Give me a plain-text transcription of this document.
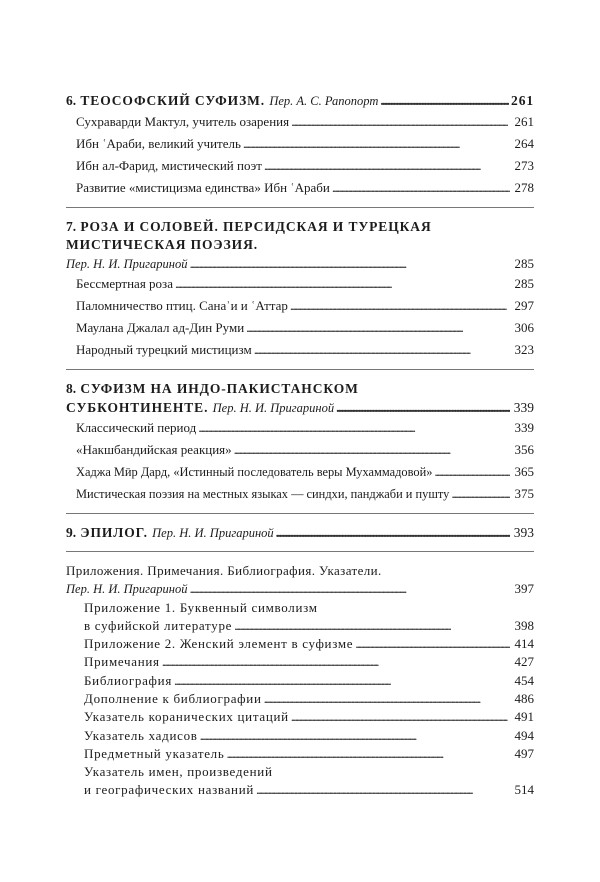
6. ТЕОСОФСКИЙ СУФИЗМ. Пер. А. С. Рапопорт . . .	261
Сухраварди Мактул, учитель озарения . . .	261
Ибн ʿАраби, великий учитель . . .	264
Ибн ал-Фарид, мистический поэт . . .	273
Развитие «мистицизма единства» Ибн ʿАраби . . .	278
7. РОЗА И СОЛОВЕЙ. ПЕРСИДСКАЯ И ТУРЕЦКАЯ
МИСТИЧЕСКАЯ ПОЭЗИЯ.
Пер. Н. И. Пригариной . . .	285
Бессмертная роза . . .	285
Паломничество птиц. Санаʾи и ʿАттар . . .	297
Маулана Джалал ад-Дин Руми . . .	306
Народный турецкий мистицизм . . .	323
8. СУФИЗМ НА ИНДО-ПАКИСТАНСКОМ
СУБКОНТИНЕНТЕ. Пер. Н. И. Пригариной . . .	339
Классический период . . .	339
«Накшбандийская реакция» . . .	356
Хаджа Мӣр Дард, «Истинный последователь веры Мухаммадовой» . . .	365
Мистическая поэзия на местных языках — синдхи, панджаби и пушту . . .	375
9. ЭПИЛОГ. Пер. Н. И. Пригариной . . .	393
Приложения. Примечания. Библиография. Указатели.
Пер. Н. И. Пригариной . . .	397
Приложение 1. Буквенный символизм
в суфийской литературе . . .	398
Приложение 2. Женский элемент в суфизме . . .	414
Примечания . . .	427
Библиография . . .	454
Дополнение к библиографии . . .	486
Указатель коранических цитаций . . .	491
Указатель хадисов . . .	494
Предметный указатель . . .	497
Указатель имен, произведений
и географических названий . . .	514
